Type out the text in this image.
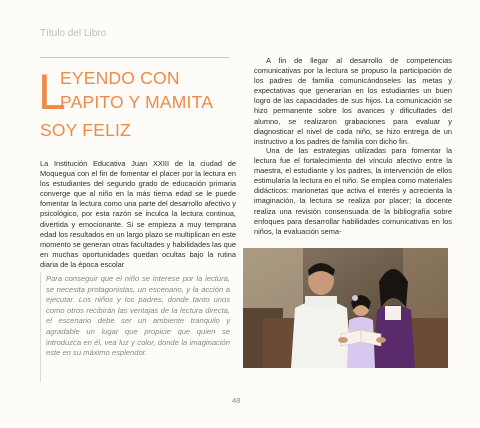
Título del Libro
L
EYENDO CON
PAPITO Y MAMITA
SOY FELIZ

La Institución Educativa Juan XXIII de la ciudad de Moquegua con el fin de fomentar el placer por la lectura en los estudiantes del segundo grado de educación primaria converge que al niño en la más tierna edad se le puede fomentar la lectura como una parte del desarrollo afectivo y psicológico, por esta razón se inculca la lectura continua, divertida y emocionante. Si se empieza a muy temprana edad los resultados en un largo plazo se multiplican en este momento se generan otras facultades y habilidades las que en muchas oportunidades quedan ocultas bajo la rutina diaria de la época escolar

Para conseguir que el niño se interese por la lectura, se necesita protagonistas, un escenario, y la acción a ejecutar. Los niños y los padres, donde tanto unos como otros recibirán las ventajas de la lectura directa, el escenario debe ser un ambiente tranquilo y agradable un lugar que propicie que quien se introduzca en él, vea luz y color, donde la imaginación este en su máximo esplendor.

A fin de llegar al desarrollo de competencias comunicativas por la lectura se propuso la participación de los padres de familia comunicándoseles las metas y expectativas que generarían en los estudiantes un buen logro de las capacidades de sus hijos. La comunicación se hizo permanente sobre los avances y dificultades del alumno, se realizaron grabaciones para evaluar y diagnosticar el nivel de cada niño, se hizo entrega de un instructivo a los padres de familia con dicho fin.

Una de las estrategias utilizadas para fomentar la lectura fue el fortalecimiento del vínculo afectivo entre la maestra, el estudiante y los padres, la intervención de ellos estimularía la lectura en el niño. Se emplea como materiales didácticos: marionetas que activa el interés y acrecienta la imaginación, la lectura se realiza por placer; la docente realiza una revisión consensuada de la bibliografía sobre enfoques para desarrollar habilidades comunicativas en los niños, la evaluación sema-

48
